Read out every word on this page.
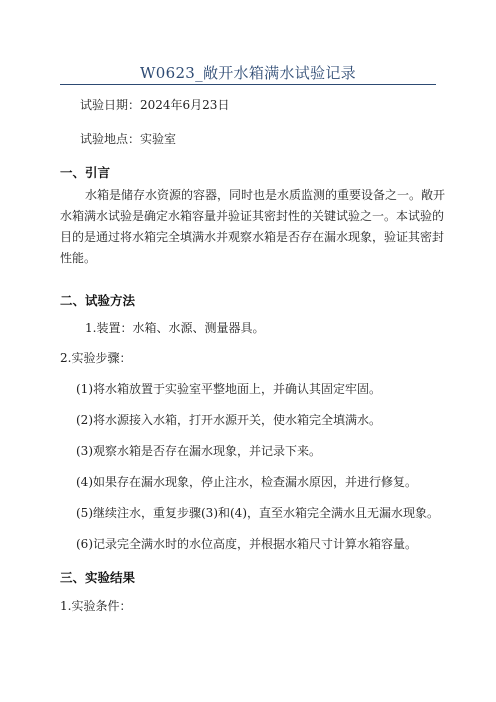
W0623_敞开水箱满水试验记录
试验日期：2024年6月23日
试验地点：实验室
一、引言
水箱是储存水资源的容器，同时也是水质监测的重要设备之一。敞开
水箱满水试验是确定水箱容量并验证其密封性的关键试验之一。本试验的
目的是通过将水箱完全填满水并观察水箱是否存在漏水现象，验证其密封
性能。
二、试验方法
1.装置：水箱、水源、测量器具。
2.实验步骤：
(1)将水箱放置于实验室平整地面上，并确认其固定牢固。
(2)将水源接入水箱，打开水源开关，使水箱完全填满水。
(3)观察水箱是否存在漏水现象，并记录下来。
(4)如果存在漏水现象，停止注水，检查漏水原因，并进行修复。
(5)继续注水，重复步骤(3)和(4)，直至水箱完全满水且无漏水现象。
(6)记录完全满水时的水位高度，并根据水箱尺寸计算水箱容量。
三、实验结果
1.实验条件：
